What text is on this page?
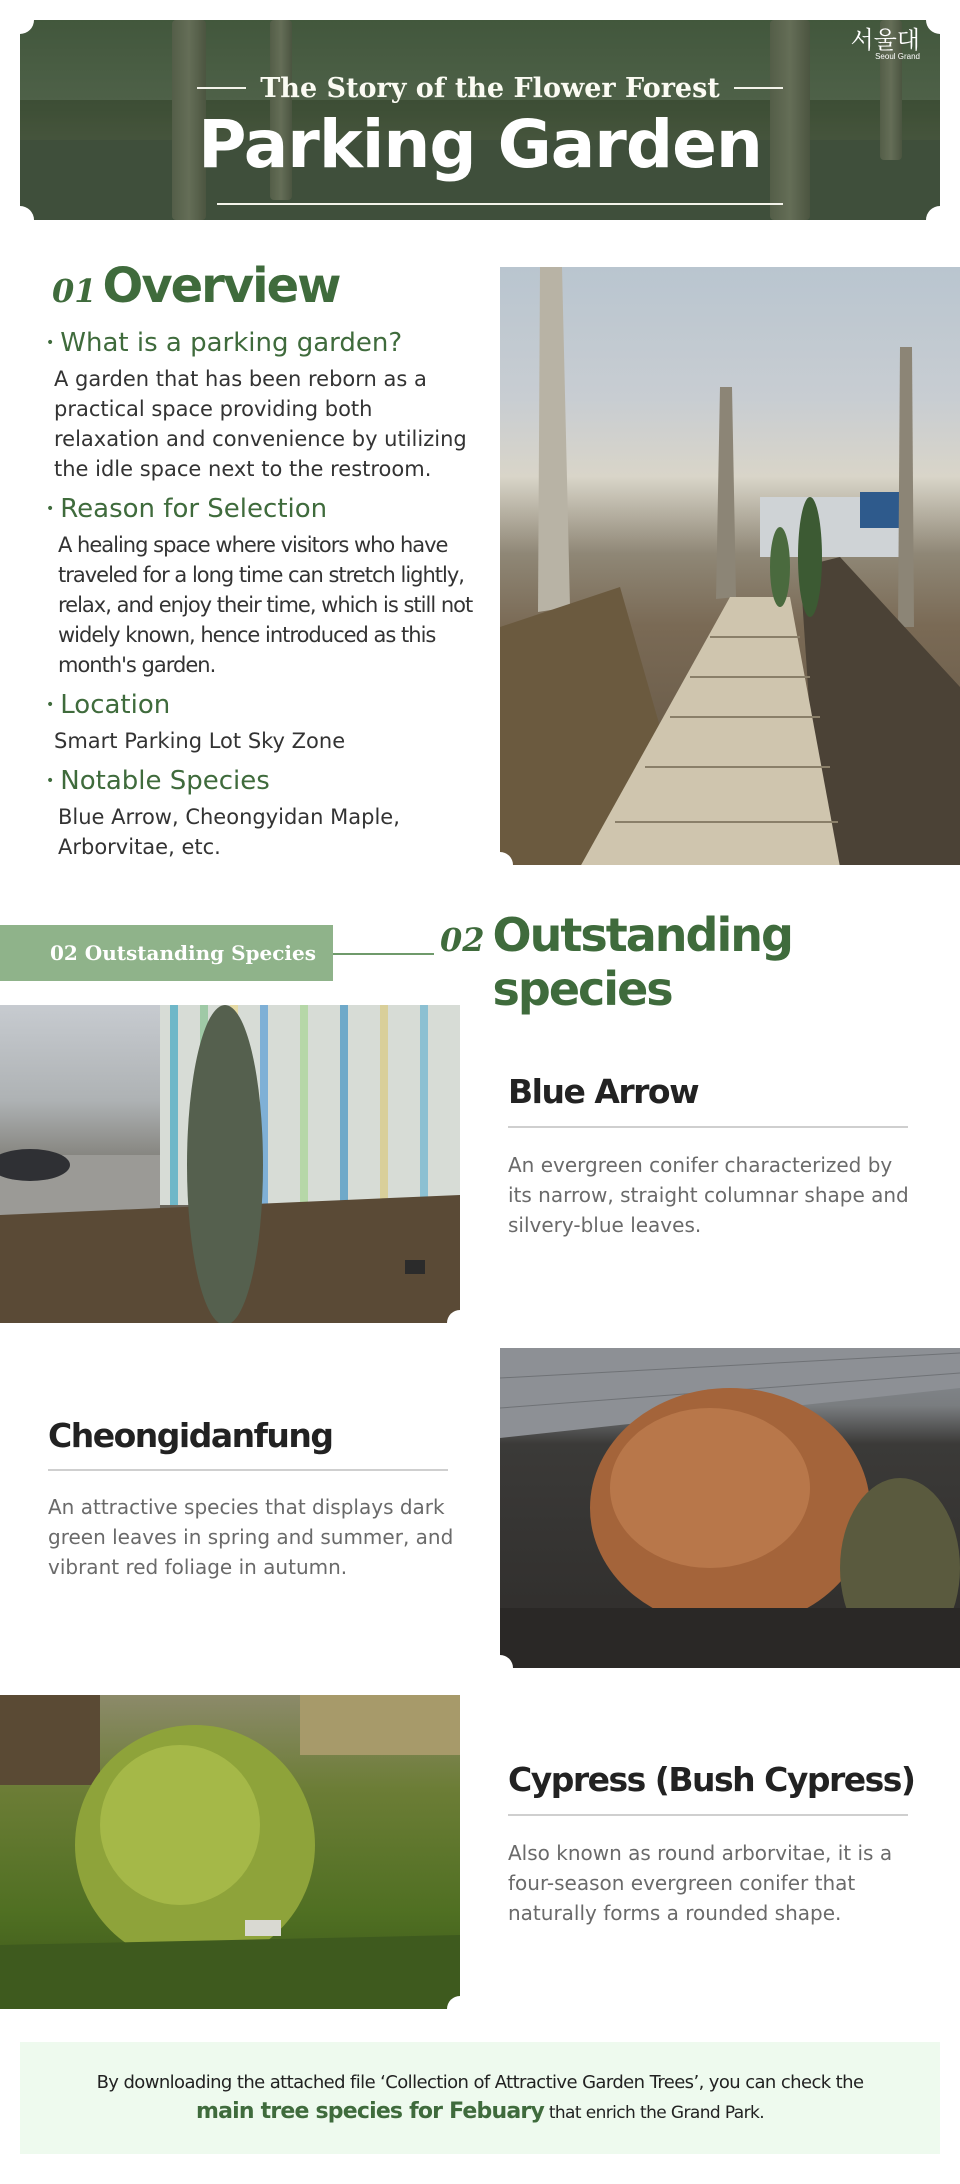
The Story of the Flower Forest
Parking Garden
서울대
Seoul Grand
01 Overview
• What is a parking garden?
A garden that has been reborn as a practical space providing both relaxation and convenience by utilizing the idle space next to the restroom.
• Reason for Selection
A healing space where visitors who have traveled for a long time can stretch lightly, relax, and enjoy their time, which is still not widely known, hence introduced as this month's garden.
• Location
Smart Parking Lot Sky Zone
• Notable Species
Blue Arrow, Cheongyidan Maple, Arborvitae, etc.
02 Outstanding Species	02 Outstanding species
Blue Arrow
An evergreen conifer characterized by its narrow, straight columnar shape and silvery-blue leaves.
Cheongidanfung
An attractive species that displays dark green leaves in spring and summer, and vibrant red foliage in autumn.
Cypress (Bush Cypress)
Also known as round arborvitae, it is a four-season evergreen conifer that naturally forms a rounded shape.
By downloading the attached file ‘Collection of Attractive Garden Trees’, you can check the
main tree species for Febuary that enrich the Grand Park.
